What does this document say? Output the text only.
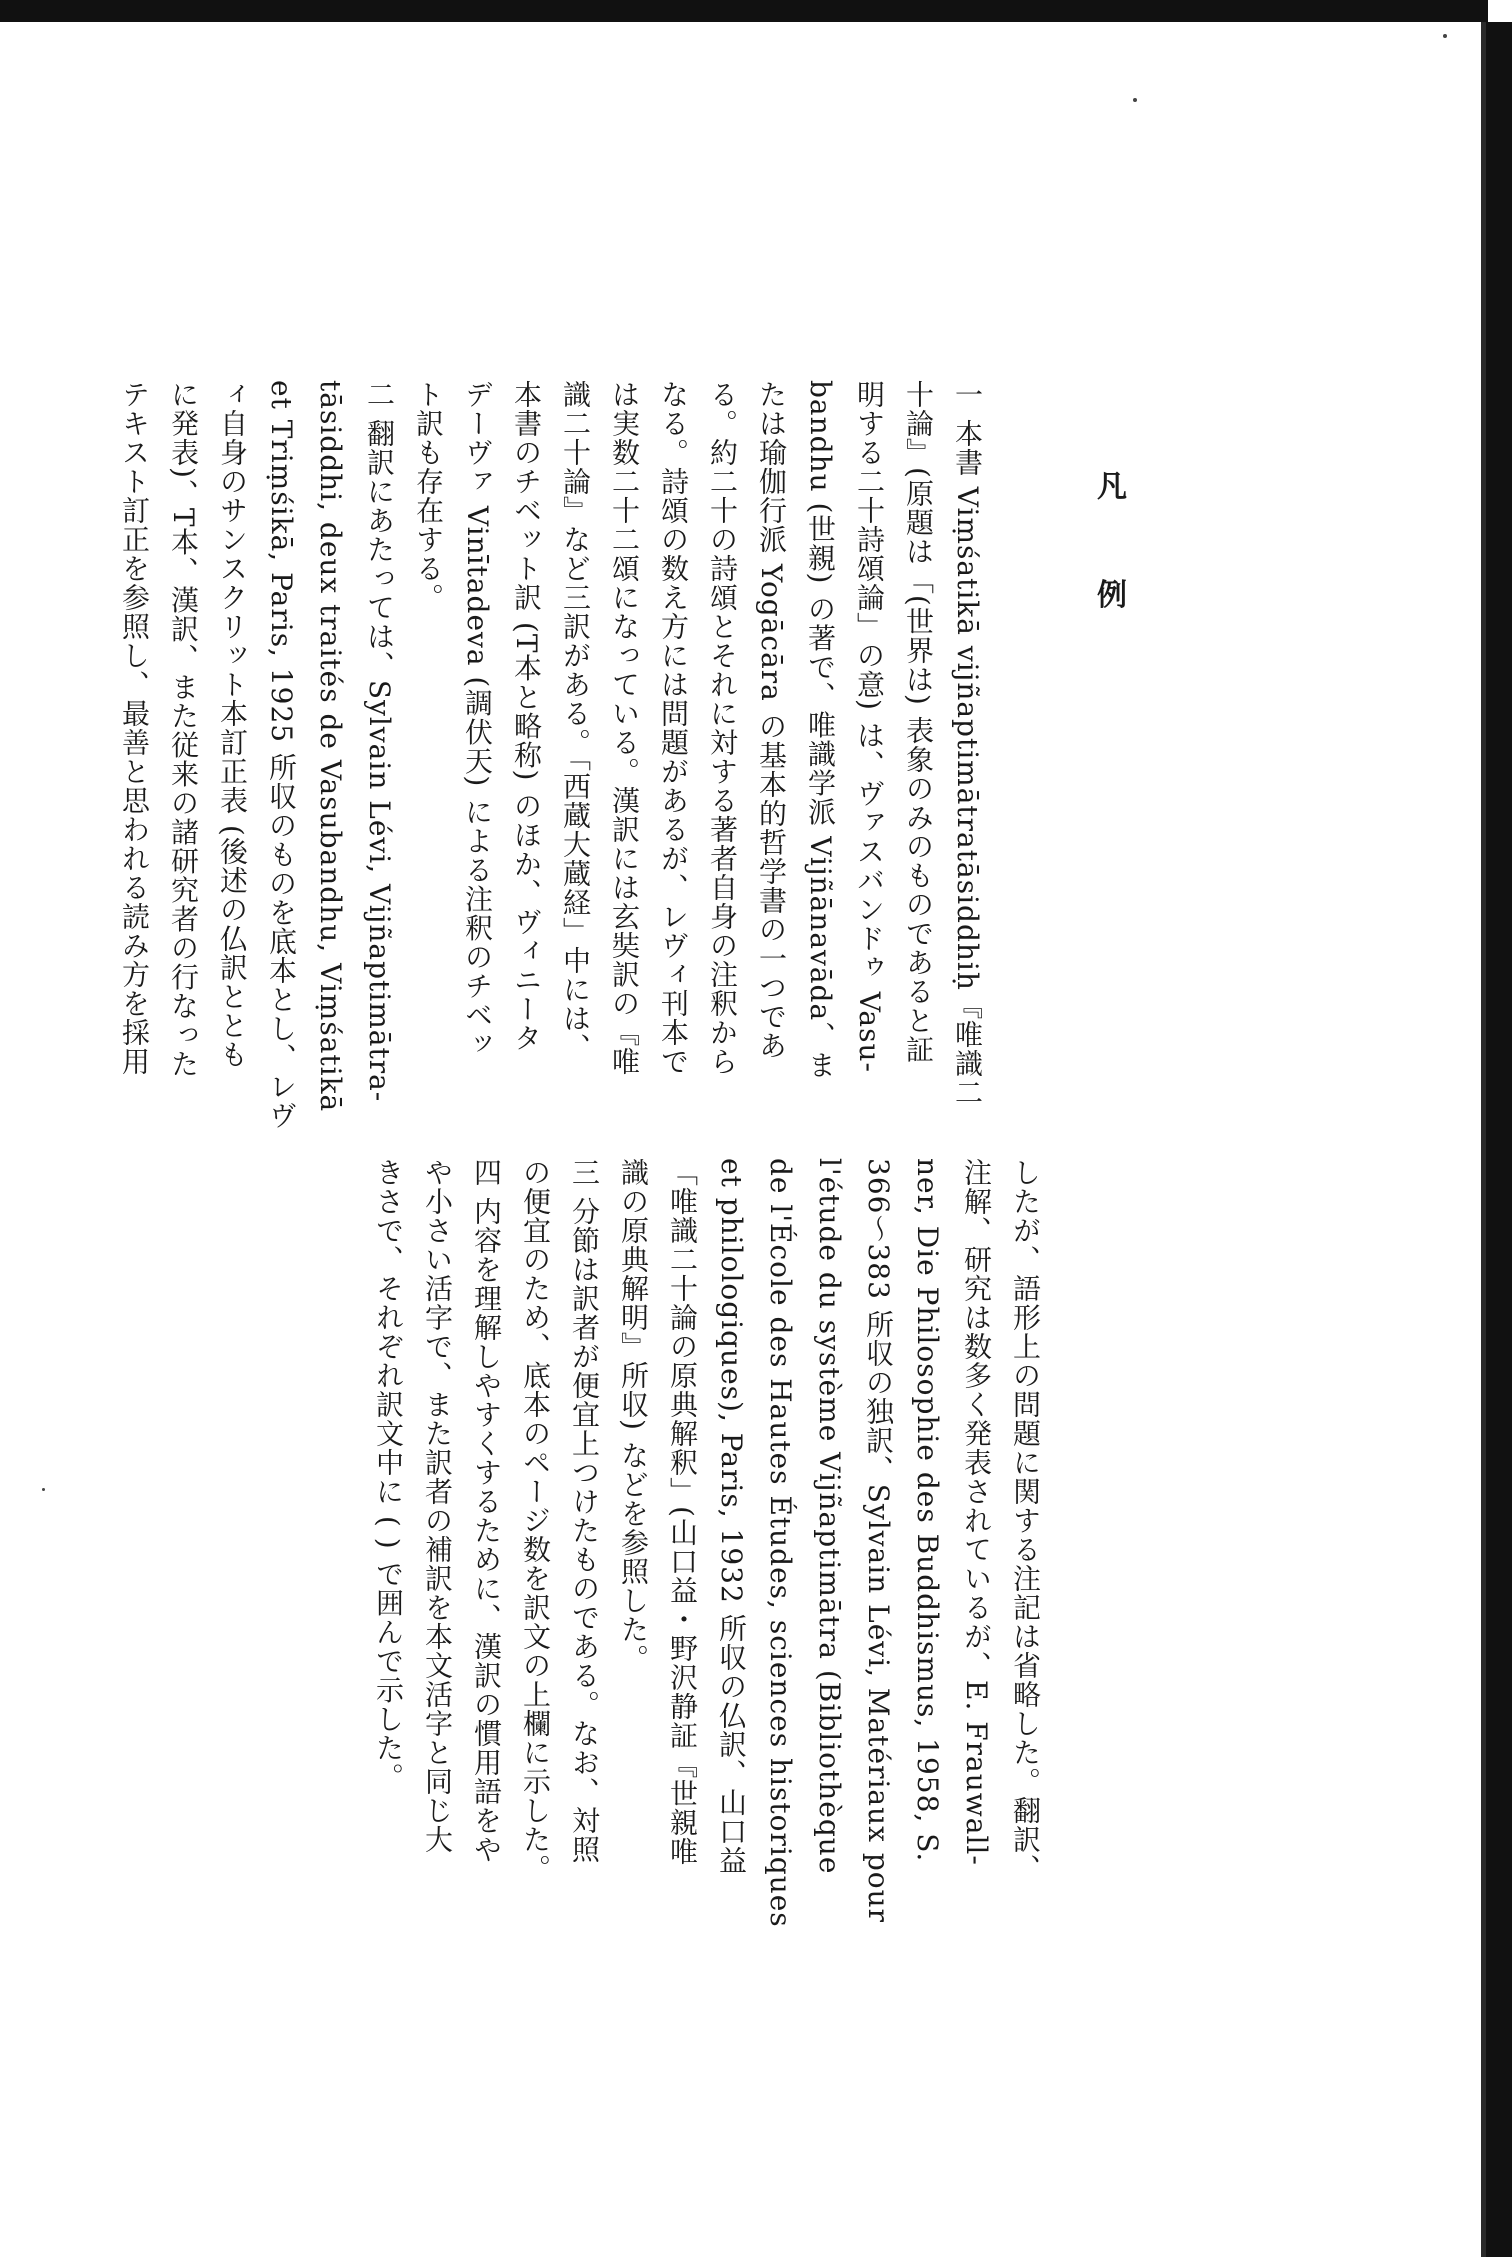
凡 例
一 本書 Viṃśatikā vijñaptimātratāsiddhiḥ『唯識二
十論』(原題は「(世界は) 表象のみのものであると証
明する二十詩頌論」の意) は、ヴァスバンドゥ Vasu-
bandhu (世親) の著で、唯識学派 Vijñānavāda、ま
たは瑜伽行派 Yogācāra の基本的哲学書の一つであ
る。約二十の詩頌とそれに対する著者自身の注釈から
なる。詩頌の数え方には問題があるが、レヴィ刊本で
は実数二十二頌になっている。漢訳には玄奘訳の『唯
識二十論』など三訳がある。「西蔵大蔵経」中には、
本書のチベット訳 (T本と略称) のほか、ヴィニータ
デーヴァ Vinītadeva (調伏天) による注釈のチベッ
ト訳も存在する。
二 翻訳にあたっては、Sylvain Lévi, Vijñaptimātra-
tāsiddhi, deux traités de Vasubandhu, Viṃśatikā
et Triṃśikā, Paris, 1925 所収のものを底本とし、レヴ
ィ自身のサンスクリット本訂正表 (後述の仏訳ととも
に発表)、T本、漢訳、また従来の諸研究者の行なった
テキスト訂正を参照し、最善と思われる読み方を採用
したが、語形上の問題に関する注記は省略した。翻訳、
注解、研究は数多く発表されているが、E. Frauwall-
ner, Die Philosophie des Buddhismus, 1958, S.
366～383 所収の独訳、Sylvain Lévi, Matériaux pour
l'étude du système Vijñaptimātra (Bibliothèque
de l'École des Hautes Études, sciences historiques
et philologiques), Paris, 1932 所収の仏訳、山口益
「唯識二十論の原典解釈」(山口益・野沢静証『世親唯
識の原典解明』所収) などを参照した。
三 分節は訳者が便宜上つけたものである。なお、対照
の便宜のため、底本のページ数を訳文の上欄に示した。
四 内容を理解しやすくするために、漢訳の慣用語をや
や小さい活字で、また訳者の補訳を本文活字と同じ大
きさで、それぞれ訳文中に ( ) で囲んで示した。
